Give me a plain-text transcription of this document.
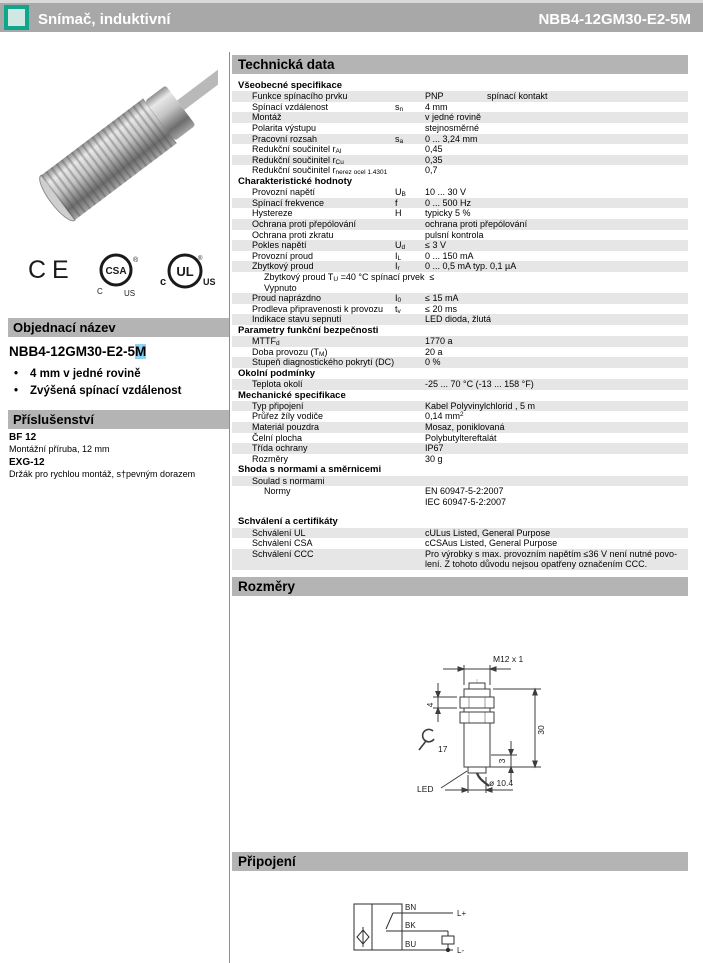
Snímač, induktivní	NBB4-12GM30-E2-5M
CE	CSA
®
C	US
UL
®
c	US
Objednací název
NBB4-12GM30-E2-5M
• 4 mm v jedné rovině
• Zvýšená spínací vzdálenost
Příslušenství
BF 12
Montážní příruba, 12 mm
EXG-12
Držák pro rychlou montáž, s†pevným dorazem
Technická data
Všeobecné specifikace
Funkce spínacího prvku	PNP	spínací kontakt
Spínací vzdálenost	$s_n$ 4 mm
Montáž	v jedné rovině
Polarita výstupu	stejnosměrné
Pracovní rozsah	$s_a$ 0 ... 3,24 mm
Redukční součinitel $r_{Al}$	0,45
Redukční součinitel $r_{Cu}$	0,35
Redukční součinitel $r_{nerez ocel 1.4301}$	0,7
Charakteristické hodnoty
Provozní napětí	$U_B$ 10 ... 30 V
Spínací frekvence	f	0 ... 500 Hz
Hystereze	H	typicky 5 %
Ochrana proti přepólování	ochrana proti přepólování
Ochrana proti zkratu	pulsní kontrola
Pokles napětí	$U_d \le 3$ V
Provozní proud	$I_L$	0 ... 150 mA
Zbytkový proud	$I_r$	0 ... 0,5 mA typ. 0,1 µA
Zbytkový proud $T_U =40$ °C spínací prvek  ≤
Vypnuto
Proud naprázdno	$I_0$	≤ 15 mA
Prodleva připravenosti k provozu $t_v$	≤ 20 ms
Indikace stavu sepnutí	LED dioda, žlutá
Parametry funkční bezpečnosti
$MTTF_d$	1770 a
Doba provozu $(T_M)$	20 a
Stupeň diagnostického pokrytí (DC)	0 %
Okolní podmínky
Teplota okolí	-25 ... 70 °C (-13 ... 158 °F)
Mechanické specifikace
Typ připojení	Kabel Polyvinylchlorid , 5 m
Průřez žíly vodiče	0,14 $mm^2$
Materiál pouzdra	Mosaz, poniklovaná
Čelní plocha	Polybutyltereftalát
Třída ochrany	IP67
Rozměry	30 g
Shoda s normami a směrnicemi
Soulad s normami
Normy	EN 60947-5-2:2007
IEC 60947-5-2:2007
Schválení a certifikáty
Schválení UL	cULus Listed, General Purpose
Schválení CSA	cCSAus Listed, General Purpose
Schválení CCC	Pro výrobky s max. provozním napětím ≤36 V není nutné povo-
lení. Z tohoto důvodu nejsou opatřeny označením CCC.
Rozměry
M12 x 1
4
17
30
3
LED
ø 10.4
Připojení
BN
BK
BU
L+
L-
